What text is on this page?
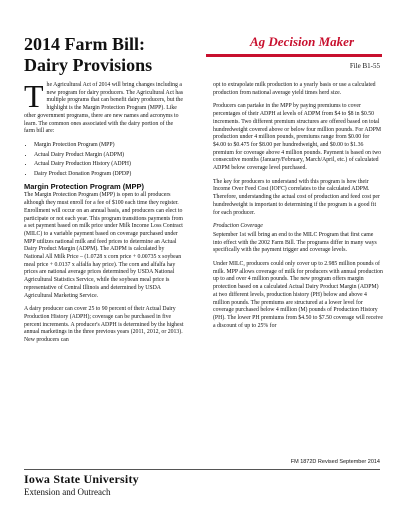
2014 Farm Bill:
Dairy Provisions
Ag Decision Maker
File B1-55

The Agricultural Act of 2014 will bring changes including a new program for dairy producers. The Agricultural Act has multiple programs that can benefit dairy producers, but the highlight is the Margin Protection Program (MPP). Like other government programs, there are new names and acronyms to learn. The common ones associated with the dairy portion of the farm bill are:

• Margin Protection Program (MPP)
• Actual Dairy Product Margin (ADPM)
• Actual Dairy Production History (ADPH)
• Dairy Product Donation Program (DPDP)
Margin Protection Program (MPP)

The Margin Protection Program (MPP) is open to all producers although they must enroll for a fee of $100 each time they register. Enrollment will occur on an annual basis, and producers can elect to participate or not each year. This program transitions payments from a set payment based on milk price under Milk Income Loss Contract (MILC) to a variable payment based on coverage purchased under MPP utilizes national milk and feed prices to determine an Actual Dairy Product Margin (ADPM). The ADPM is calculated by National All Milk Price – (1.0728 x corn price + 0.00735 x soybean meal price + 0.0137 x alfalfa hay price). The corn and alfalfa hay prices are national average prices determined by USDA National Agricultural Statistics Service, while the soybean meal price is representative of Central Illinois and determined by USDA Agricultural Marketing Service.

A dairy producer can cover 25 to 90 percent of their Actual Dairy Production History (ADPH); coverage can be purchased in five percent increments. A producer's ADPH is determined by the highest annual marketings in the three previous years (2011, 2012, or 2013). New producers can

opt to extrapolate milk production to a yearly basis or use a calculated production from national average yield times herd size.

Producers can partake in the MPP by paying premiums to cover percentages of their ADPH at levels of ADPM from $4 to $8 in $0.50 increments. Two different premium structures are offered based on total hundredweight covered above or below four million pounds. For ADPM production under 4 million pounds, premiums range from $0.00 for $4.00 to $0.475 for $8.00 per hundredweight, and $0.00 to $1.36 premium for coverage above 4 million pounds. Payment is based on two consecutive months (January/February, March/April, etc.) of calculated ADPM below coverage level purchased.

The key for producers to understand with this program is how their Income Over Feed Cost (IOFC) correlates to the calculated ADPM. Therefore, understanding the actual cost of production and feed cost per hundredweight is important to determining if the program is a good fit for each producer.

Production Coverage
September 1st will bring an end to the MILC Program that first came into effect with the 2002 Farm Bill. The programs differ in many ways specifically with the payment trigger and coverage levels.

Under MILC, producers could only cover up to 2.985 million pounds of milk. MPP allows coverage of milk for producers with annual production up to and over 4 million pounds. The new program offers margin protection based on a calculated Actual Dairy Product Margin (ADPM) at two different levels, production history (PH) below and above 4 million pounds. The premiums are structured at a lower level for coverage purchased below 4 million (M) pounds of Production History (PH). The lower PH premiums from $4.50 to $7.50 coverage will receive a discount of up to 25% for

FM 1872D Revised September 2014
Iowa State University
Extension and Outreach
